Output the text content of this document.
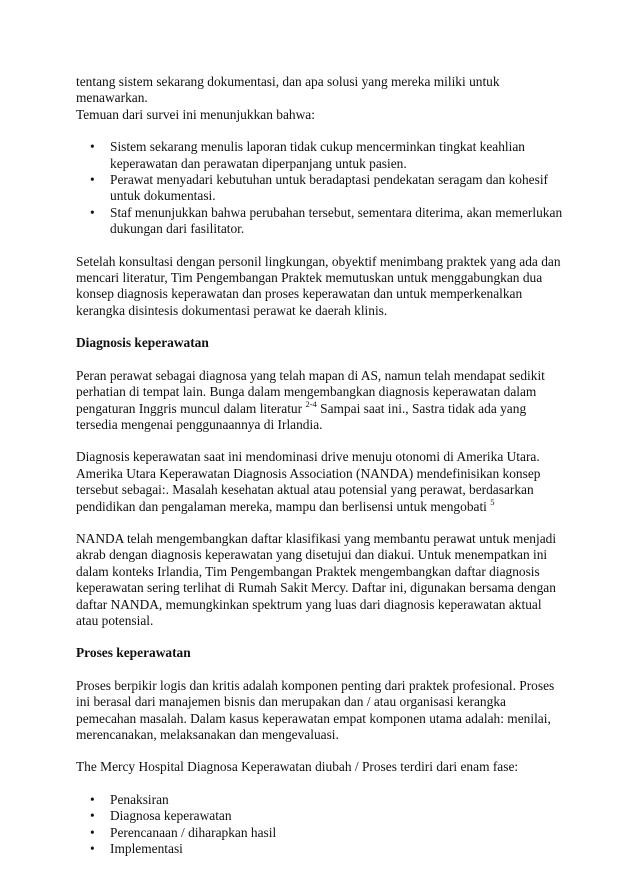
tentang sistem sekarang dokumentasi, dan apa solusi yang mereka miliki untuk menawarkan.
Temuan dari survei ini menunjukkan bahwa:

• Sistem sekarang menulis laporan tidak cukup mencerminkan tingkat keahlian keperawatan dan perawatan diperpanjang untuk pasien.
• Perawat menyadari kebutuhan untuk beradaptasi pendekatan seragam dan kohesif untuk dokumentasi.
• Staf menunjukkan bahwa perubahan tersebut, sementara diterima, akan memerlukan dukungan dari fasilitator.

Setelah konsultasi dengan personil lingkungan, obyektif menimbang praktek yang ada dan mencari literatur, Tim Pengembangan Praktek memutuskan untuk menggabungkan dua konsep diagnosis keperawatan dan proses keperawatan dan untuk memperkenalkan kerangka disintesis dokumentasi perawat ke daerah klinis.

Diagnosis keperawatan

Peran perawat sebagai diagnosa yang telah mapan di AS, namun telah mendapat sedikit perhatian di tempat lain. Bunga dalam mengembangkan diagnosis keperawatan dalam pengaturan Inggris muncul dalam literatur $^{2-4}$ Sampai saat ini., Sastra tidak ada yang tersedia mengenai penggunaannya di Irlandia.

Diagnosis keperawatan saat ini mendominasi drive menuju otonomi di Amerika Utara. Amerika Utara Keperawatan Diagnosis Association (NANDA) mendefinisikan konsep tersebut sebagai:. Masalah kesehatan aktual atau potensial yang perawat, berdasarkan pendidikan dan pengalaman mereka, mampu dan berlisensi untuk mengobati $^5$

NANDA telah mengembangkan daftar klasifikasi yang membantu perawat untuk menjadi akrab dengan diagnosis keperawatan yang disetujui dan diakui. Untuk menempatkan ini dalam konteks Irlandia, Tim Pengembangan Praktek mengembangkan daftar diagnosis keperawatan sering terlihat di Rumah Sakit Mercy. Daftar ini, digunakan bersama dengan daftar NANDA, memungkinkan spektrum yang luas dari diagnosis keperawatan aktual atau potensial.

Proses keperawatan

Proses berpikir logis dan kritis adalah komponen penting dari praktek profesional. Proses ini berasal dari manajemen bisnis dan merupakan dan / atau organisasi kerangka pemecahan masalah. Dalam kasus keperawatan empat komponen utama adalah: menilai, merencanakan, melaksanakan dan mengevaluasi.

The Mercy Hospital Diagnosa Keperawatan diubah / Proses terdiri dari enam fase:

• Penaksiran
• Diagnosa keperawatan
• Perencanaan / diharapkan hasil
• Implementasi
